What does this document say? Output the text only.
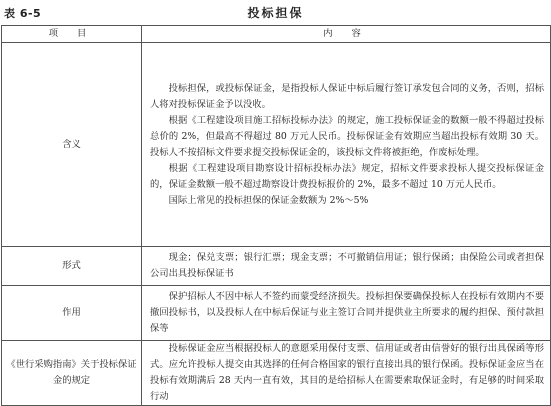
表 6-5	投标担保
项 目	内 容
含义	投标担保，或投标保证金，是指投标人保证中标后履行签订承发包合同的义务，否则，招标人将对投标保证金予以没收。

根据《工程建设项目施工招标投标办法》的规定，施工投标保证金的数额一般不得超过投标总价的 2%，但最高不得超过 80 万元人民币。投标保证金有效期应当超出投标有效期 30 天。投标人不按招标文件要求提交投标保证金的，该投标文件将被拒绝，作废标处理。

根据《工程建设项目勘察设计招标投标办法》规定，招标文件要求投标人提交投标保证金的，保证金数额一般不超过勘察设计费投标报价的 2%，最多不超过 10 万元人民币。

国际上常见的投标担保的保证金数额为 2%～5%

形式	现金；保兑支票；银行汇票；现金支票；不可撤销信用证；银行保函；由保险公司或者担保公司出具投标保证书

作用	保护招标人不因中标人不签约而蒙受经济损失。投标担保要确保投标人在投标有效期内不要撤回投标书，以及投标人在中标后保证与业主签订合同并提供业主所要求的履约担保、预付款担保等

《世行采购指南》关于投标保证金的规定	投标保证金应当根据投标人的意愿采用保付支票、信用证或者由信誉好的银行出具保函等形式。应允许投标人提交由其选择的任何合格国家的银行直接出具的银行保函。投标保证金应当在投标有效期满后 28 天内一直有效，其目的是给招标人在需要索取保证金时，有足够的时间采取行动
